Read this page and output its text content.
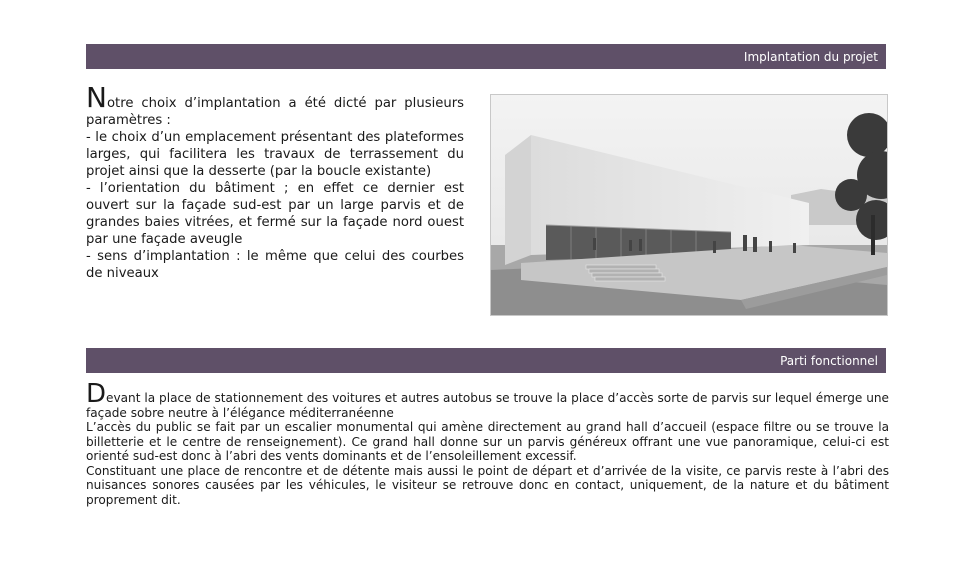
Implantation du projet

Notre choix d’implantation a été dicté par plusieurs paramètres :

- le choix d’un emplacement présentant des plateformes larges, qui facilitera les travaux de terrassement du projet ainsi que la desserte (par la boucle existante)

- l’orientation du bâtiment ; en effet ce dernier est ouvert sur la façade sud-est par un large parvis et de grandes baies vitrées, et fermé sur la façade nord ouest par une façade aveugle

- sens d’implantation : le même que celui des courbes de niveaux

Parti fonctionnel

Devant la place de stationnement des voitures et autres autobus se trouve la place d’accès sorte de parvis sur lequel émerge une façade sobre neutre à l’élégance méditerranéenne

L’accès du public se fait par un escalier monumental qui amène directement au grand hall d’accueil (espace filtre ou se trouve la billetterie et le centre de renseignement). Ce grand hall donne sur un parvis généreux offrant une vue panoramique, celui-ci est orienté sud-est donc à l’abri des vents dominants et de l’ensoleillement excessif.

Constituant une place de rencontre et de détente mais aussi le point de départ et d’arrivée de la visite, ce parvis reste à l’abri des nuisances sonores causées par les véhicules, le visiteur se retrouve donc en contact, uniquement, de la nature et du bâtiment proprement dit.
